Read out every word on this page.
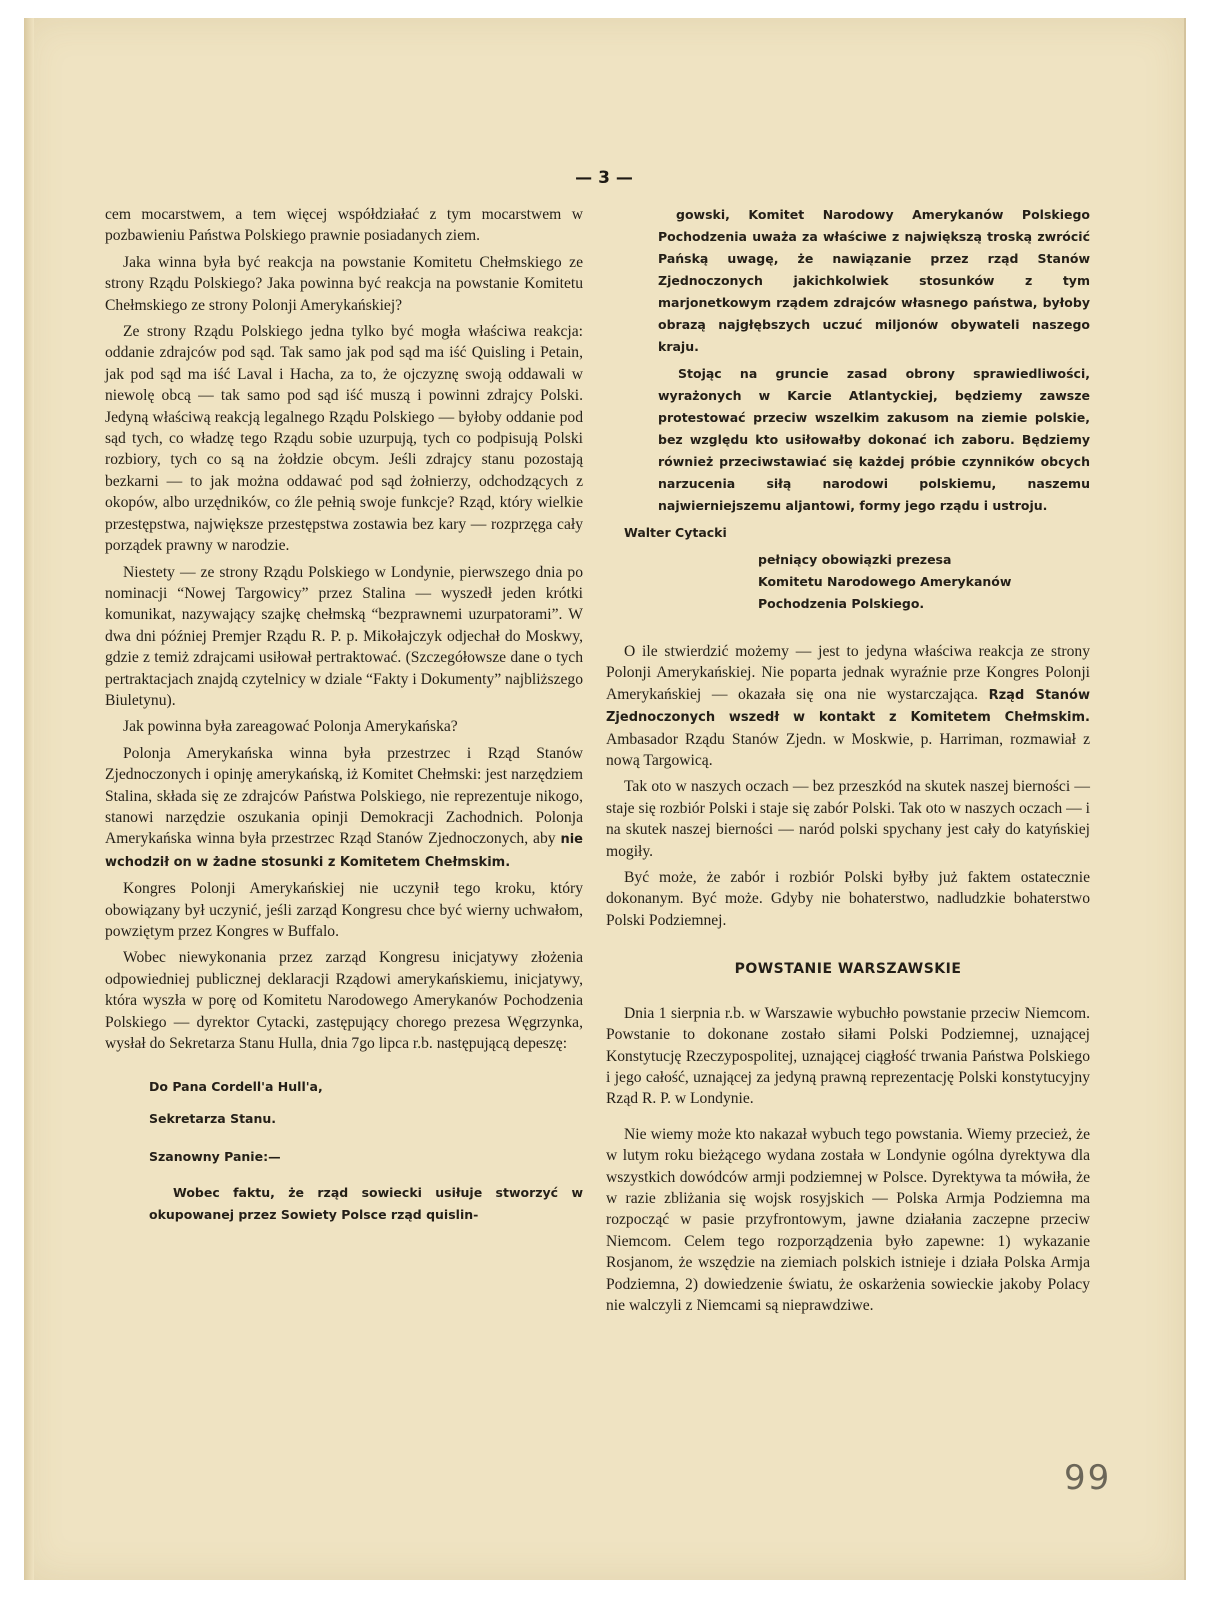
— 3 —

cem mocarstwem, a tem więcej współdziałać z tym mocarstwem w pozbawieniu Państwa Polskiego prawnie posiadanych ziem.

Jaka winna była być reakcja na powstanie Komitetu Chełmskiego ze strony Rządu Polskiego? Jaka powinna być reakcja na powstanie Komitetu Chełmskiego ze strony Polonji Amerykańskiej?

Ze strony Rządu Polskiego jedna tylko być mogła właściwa reakcja: oddanie zdrajców pod sąd. Tak samo jak pod sąd ma iść Quisling i Petain, jak pod sąd ma iść Laval i Hacha, za to, że ojczyznę swoją oddawali w niewolę obcą — tak samo pod sąd iść muszą i powinni zdrajcy Polski. Jedyną właściwą reakcją legalnego Rządu Polskiego — byłoby oddanie pod sąd tych, co władzę tego Rządu sobie uzurpują, tych co podpisują Polski rozbiory, tych co są na żołdzie obcym. Jeśli zdrajcy stanu pozostają bezkarni — to jak można oddawać pod sąd żołnierzy, odchodzących z okopów, albo urzędników, co źle pełnią swoje funkcje? Rząd, który wielkie przestępstwa, największe przestępstwa zostawia bez kary — rozprzęga cały porządek prawny w narodzie.

Niestety — ze strony Rządu Polskiego w Londynie, pierwszego dnia po nominacji “Nowej Targowicy” przez Stalina — wyszedł jeden krótki komunikat, nazywający szajkę chełmską “bezprawnemi uzurpatorami”. W dwa dni później Premjer Rządu R. P. p. Mikołajczyk odjechał do Moskwy, gdzie z temiż zdrajcami usiłował pertraktować. (Szczegółowsze dane o tych pertraktacjach znajdą czytelnicy w dziale “Fakty i Dokumenty” najbliższego Biuletynu).

Jak powinna była zareagować Polonja Amerykańska?

Polonja Amerykańska winna była przestrzec i Rząd Stanów Zjednoczonych i opinję amerykańską, iż Komitet Chełmski: jest narzędziem Stalina, składa się ze zdrajców Państwa Polskiego, nie reprezentuje nikogo, stanowi narzędzie oszukania opinji Demokracji Zachodnich. Polonja Amerykańska winna była przestrzec Rząd Stanów Zjednoczonych, aby nie wchodził on w żadne stosunki z Komitetem Chełmskim.

Kongres Polonji Amerykańskiej nie uczynił tego kroku, który obowiązany był uczynić, jeśli zarząd Kongresu chce być wierny uchwałom, powziętym przez Kongres w Buffalo.

Wobec niewykonania przez zarząd Kongresu inicjatywy złożenia odpowiedniej publicznej deklaracji Rządowi amerykańskiemu, inicjatywy, która wyszła w porę od Komitetu Narodowego Amerykanów Pochodzenia Polskiego — dyrektor Cytacki, zastępujący chorego prezesa Węgrzynka, wysłał do Sekretarza Stanu Hulla, dnia 7go lipca r.b. następującą depeszę:

Do Pana Cordell'a Hull'a,

Sekretarza Stanu.

Szanowny Panie:—

Wobec faktu, że rząd sowiecki usiłuje stworzyć w okupowanej przez Sowiety Polsce rząd quislin-

gowski, Komitet Narodowy Amerykanów Polskiego Pochodzenia uważa za właściwe z największą troską zwrócić Pańską uwagę, że nawiązanie przez rząd Stanów Zjednoczonych jakichkolwiek stosunków z tym marjonetkowym rządem zdrajców własnego państwa, byłoby obrazą najgłębszych uczuć miljonów obywateli naszego kraju.

Stojąc na gruncie zasad obrony sprawiedliwości, wyrażonych w Karcie Atlantyckiej, będziemy zawsze protestować przeciw wszelkim zakusom na ziemie polskie, bez względu kto usiłowałby dokonać ich zaboru. Będziemy również przeciwstawiać się każdej próbie czynników obcych narzucenia siłą narodowi polskiemu, naszemu najwierniejszemu aljantowi, formy jego rządu i ustroju.

Walter Cytacki

pełniący obowiązki prezesa
Komitetu Narodowego Amerykanów
Pochodzenia Polskiego.

O ile stwierdzić możemy — jest to jedyna właściwa reakcja ze strony Polonji Amerykańskiej. Nie poparta jednak wyraźnie prze Kongres Polonji Amerykańskiej — okazała się ona nie wystarczająca. Rząd Stanów Zjednoczonych wszedł w kontakt z Komitetem Chełmskim. Ambasador Rządu Stanów Zjedn. w Moskwie, p. Harriman, rozmawiał z nową Targowicą.

Tak oto w naszych oczach — bez przeszkód na skutek naszej bierności — staje się rozbiór Polski i staje się zabór Polski. Tak oto w naszych oczach — i na skutek naszej bierności — naród polski spychany jest cały do katyńskiej mogiły.

Być może, że zabór i rozbiór Polski byłby już faktem ostatecznie dokonanym. Być może. Gdyby nie bohaterstwo, nadludzkie bohaterstwo Polski Podziemnej.

POWSTANIE WARSZAWSKIE

Dnia 1 sierpnia r.b. w Warszawie wybuchło powstanie przeciw Niemcom. Powstanie to dokonane zostało siłami Polski Podziemnej, uznającej Konstytucję Rzeczypospolitej, uznającej ciągłość trwania Państwa Polskiego i jego całość, uznającej za jedyną prawną reprezentację Polski konstytucyjny Rząd R. P. w Londynie.

Nie wiemy może kto nakazał wybuch tego powstania. Wiemy przecież, że w lutym roku bieżącego wydana została w Londynie ogólna dyrektywa dla wszystkich dowódców armji podziemnej w Polsce. Dyrektywa ta mówiła, że w razie zbliżania się wojsk rosyjskich — Polska Armja Podziemna ma rozpocząć w pasie przyfrontowym, jawne działania zaczepne przeciw Niemcom. Celem tego rozporządzenia było zapewne: 1) wykazanie Rosjanom, że wszędzie na ziemiach polskich istnieje i działa Polska Armja Podziemna, 2) dowiedzenie światu, że oskarżenia sowieckie jakoby Polacy nie walczyli z Niemcami są nieprawdziwe.

99
